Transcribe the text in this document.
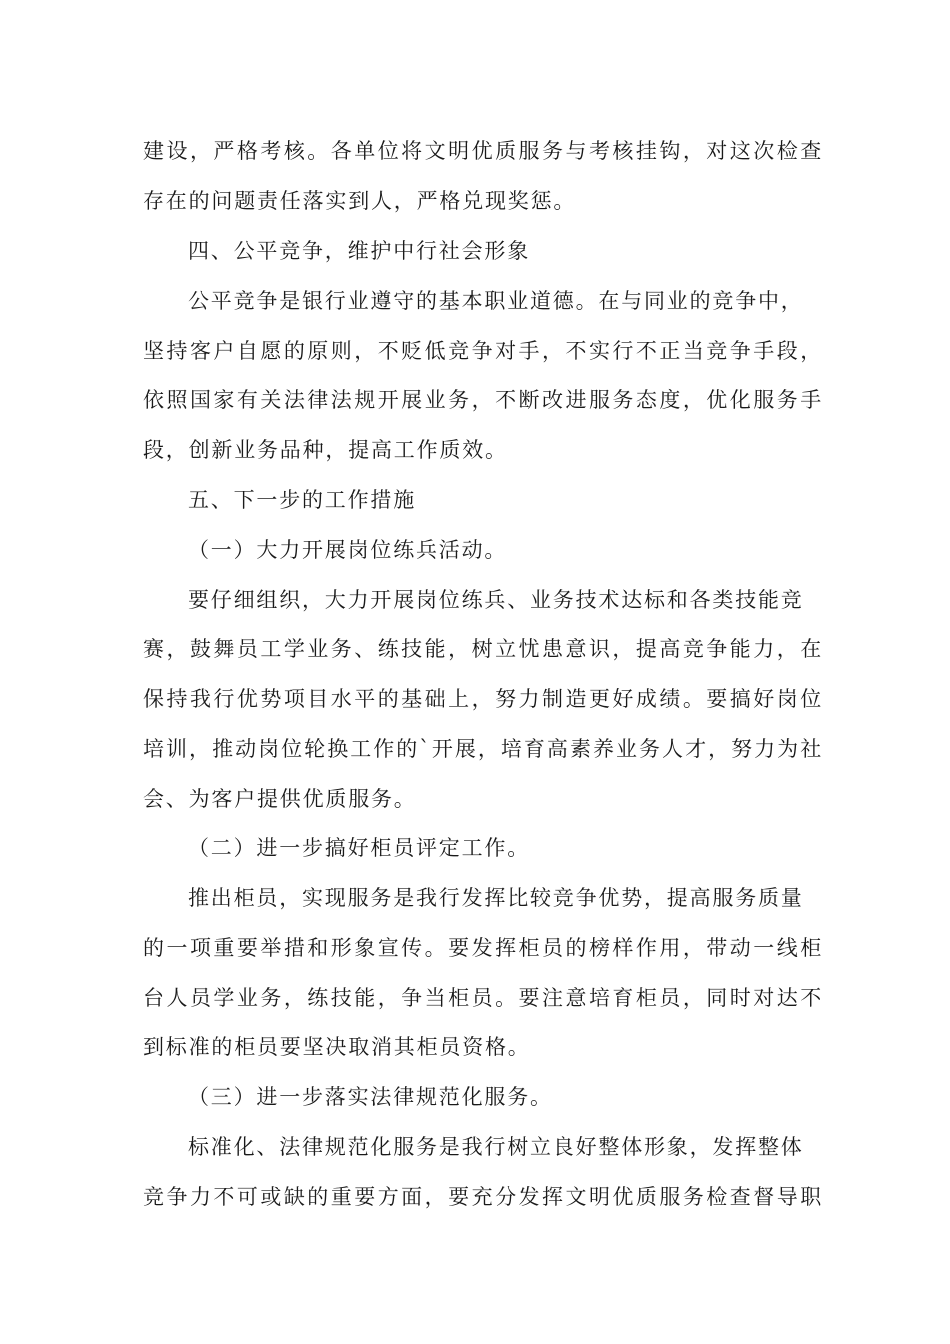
建设，严格考核。各单位将文明优质服务与考核挂钩，对这次检查
存在的问题责任落实到人，严格兑现奖惩。
四、公平竞争，维护中行社会形象
公平竞争是银行业遵守的基本职业道德。在与同业的竞争中，
坚持客户自愿的原则，不贬低竞争对手，不实行不正当竞争手段，
依照国家有关法律法规开展业务，不断改进服务态度，优化服务手
段，创新业务品种，提高工作质效。
五、下一步的工作措施
（一）大力开展岗位练兵活动。
要仔细组织，大力开展岗位练兵、业务技术达标和各类技能竞
赛，鼓舞员工学业务、练技能，树立忧患意识，提高竞争能力，在
保持我行优势项目水平的基础上，努力制造更好成绩。要搞好岗位
培训，推动岗位轮换工作的`开展，培育高素养业务人才，努力为社
会、为客户提供优质服务。
（二）进一步搞好柜员评定工作。
推出柜员，实现服务是我行发挥比较竞争优势，提高服务质量
的一项重要举措和形象宣传。要发挥柜员的榜样作用，带动一线柜
台人员学业务，练技能，争当柜员。要注意培育柜员，同时对达不
到标准的柜员要坚决取消其柜员资格。
（三）进一步落实法律规范化服务。
标准化、法律规范化服务是我行树立良好整体形象，发挥整体
竞争力不可或缺的重要方面，要充分发挥文明优质服务检查督导职
